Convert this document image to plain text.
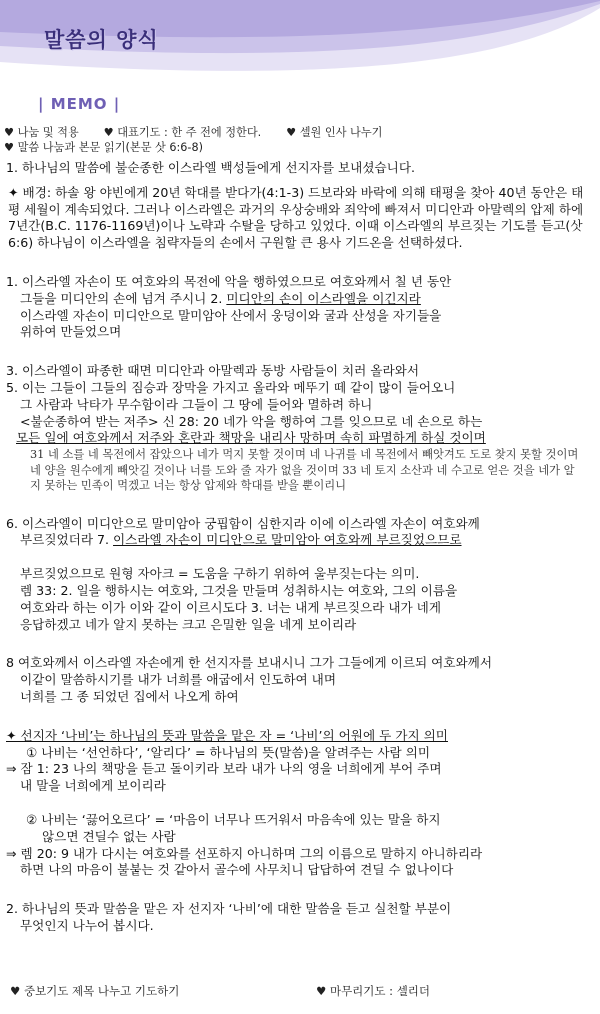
말씀의 양식
| MEMO |
♥ 나눔 및 적용 ♥ 대표기도 : 한 주 전에 정한다. ♥ 셀원 인사 나누기
♥ 말씀 나눔과 본문 읽기(본문 삿 6:6-8)

1. 하나님의 말씀에 불순종한 이스라엘 백성들에게 선지자를 보내셨습니다.

✦ 배경: 하솔 왕 야빈에게 20년 학대를 받다가(4:1-3) 드보라와 바락에 의해 태평을 찾아 40년 동안은 태평 세월이 계속되었다. 그러나 이스라엘은 과거의 우상숭배와 죄악에 빠져서 미디안과 아말렉의 압제 하에 7년간(B.C. 1176-1169년)이나 노략과 수탈을 당하고 있었다. 이때 이스라엘의 부르짖는 기도를 듣고(삿 6:6) 하나님이 이스라엘을 침략자들의 손에서 구원할 큰 용사 기드온을 선택하셨다.

1. 이스라엘 자손이 또 여호와의 목전에 악을 행하였으므로 여호와께서 칠 년 동안

그들을 미디안의 손에 넘겨 주시니 2. 미디안의 손이 이스라엘을 이긴지라

이스라엘 자손이 미디안으로 말미암아 산에서 웅덩이와 굴과 산성을 자기들을

위하여 만들었으며

3. 이스라엘이 파종한 때면 미디안과 아말렉과 동방 사람들이 치러 올라와서

5. 이는 그들이 그들의 짐승과 장막을 가지고 올라와 메뚜기 떼 같이 많이 들어오니

그 사람과 낙타가 무수함이라 그들이 그 땅에 들어와 멸하려 하니

<불순종하여 받는 저주> 신 28: 20 네가 악을 행하여 그를 잊으므로 네 손으로 하는

모든 일에 여호와께서 저주와 혼란과 책망을 내리사 망하며 속히 파멸하게 하실 것이며

31 네 소를 네 목전에서 잡았으나 네가 먹지 못할 것이며 네 나귀를 네 목전에서 빼앗겨도 도로 찾지 못할 것이며 네 양을 원수에게 빼앗길 것이나 너를 도와 줄 자가 없을 것이며 33 네 토지 소산과 네 수고로 얻은 것을 네가 알지 못하는 민족이 먹겠고 너는 항상 압제와 학대를 받을 뿐이리니

6. 이스라엘이 미디안으로 말미암아 궁핍함이 심한지라 이에 이스라엘 자손이 여호와께

부르짖었더라 7. 이스라엘 자손이 미디안으로 말미암아 여호와께 부르짖었으므로

부르짖었으므로 원형 자아크 = 도움을 구하기 위하여 울부짖는다는 의미.

렘 33: 2. 일을 행하시는 여호와, 그것을 만들며 성취하시는 여호와, 그의 이름을

여호와라 하는 이가 이와 같이 이르시도다 3. 너는 내게 부르짖으라 내가 네게

응답하겠고 네가 알지 못하는 크고 은밀한 일을 네게 보이리라

8 여호와께서 이스라엘 자손에게 한 선지자를 보내시니 그가 그들에게 이르되 여호와께서

이같이 말씀하시기를 내가 너희를 애굽에서 인도하여 내며

너희를 그 종 되었던 집에서 나오게 하여

✦ 선지자 ‘나비’는 하나님의 뜻과 말씀을 맡은 자 = ‘나비’의 어원에 두 가지 의미

① 나비는 ‘선언하다’, ‘알리다’ = 하나님의 뜻(말씀)을 알려주는 사람 의미

⇒ 잠 1: 23 나의 책망을 듣고 돌이키라 보라 내가 나의 영을 너희에게 부어 주며

내 말을 너희에게 보이리라

② 나비는 ‘끓어오르다’ = ‘마음이 너무나 뜨거워서 마음속에 있는 말을 하지

않으면 견딜수 없는 사람

⇒ 렘 20: 9 내가 다시는 여호와를 선포하지 아니하며 그의 이름으로 말하지 아니하리라

하면 나의 마음이 불붙는 것 같아서 골수에 사무치니 답답하여 견딜 수 없나이다

2. 하나님의 뜻과 말씀을 맡은 자 선지자 ‘나비’에 대한 말씀을 듣고 실천할 부분이

무엇인지 나누어 봅시다.

♥ 중보기도 제목 나누고 기도하기	♥ 마무리기도 : 셀리더
